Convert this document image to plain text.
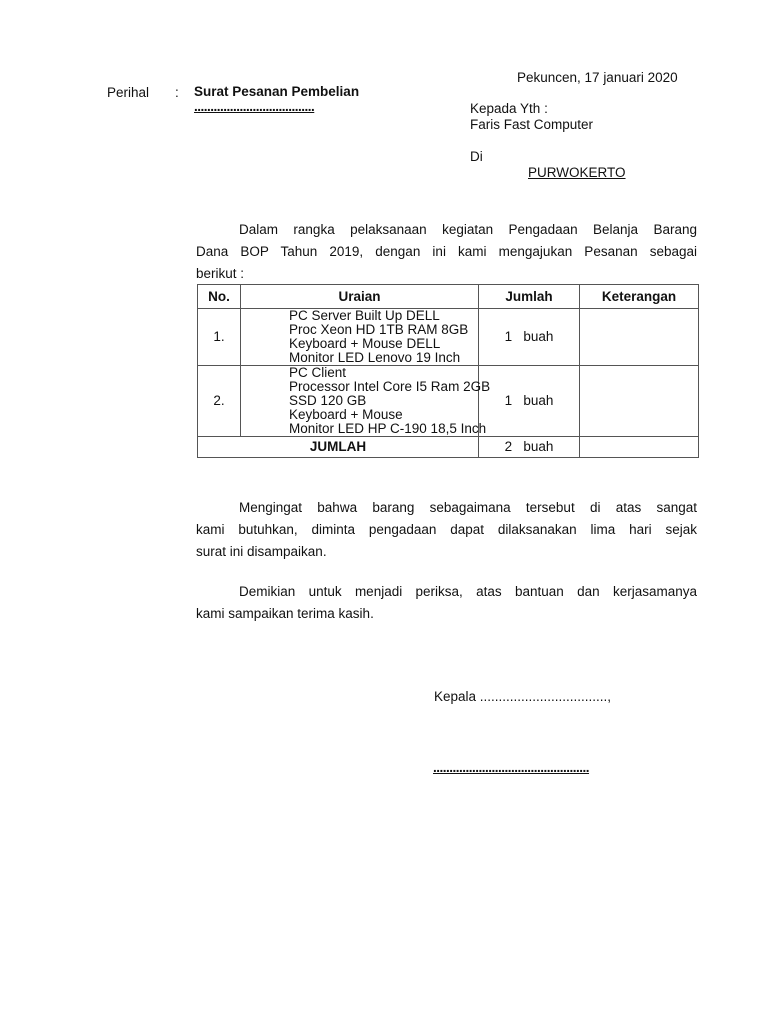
Pekuncen, 17 januari 2020
Perihal : Surat Pesanan Pembelian
.....................................	Kepada Yth :
Faris Fast Computer
Di
PURWOKERTO
Dalam rangka pelaksanaan kegiatan Pengadaan Belanja Barang
Dana BOP Tahun 2019, dengan ini kami mengajukan Pesanan sebagai
berikut :
No.	Uraian	Jumlah	Keterangan
1.	PC Server Built Up DELL
Proc Xeon HD 1TB RAM 8GB
Keyboard + Mouse DELL
Monitor LED Lenovo 19 Inch	1 buah	
2.	PC Client
Processor Intel Core I5 Ram 2GB
SSD 120 GB
Keyboard + Mouse
Monitor LED HP C-190 18,5 Inch	1 buah	
JUMLAH		2 buah	
Mengingat bahwa barang sebagaimana tersebut di atas sangat
kami butuhkan, diminta pengadaan dapat dilaksanakan lima hari sejak
surat ini disampaikan.
Demikian untuk menjadi periksa, atas bantuan dan kerjasamanya
kami sampaikan terima kasih.
Kepala ..................................,
................................................
